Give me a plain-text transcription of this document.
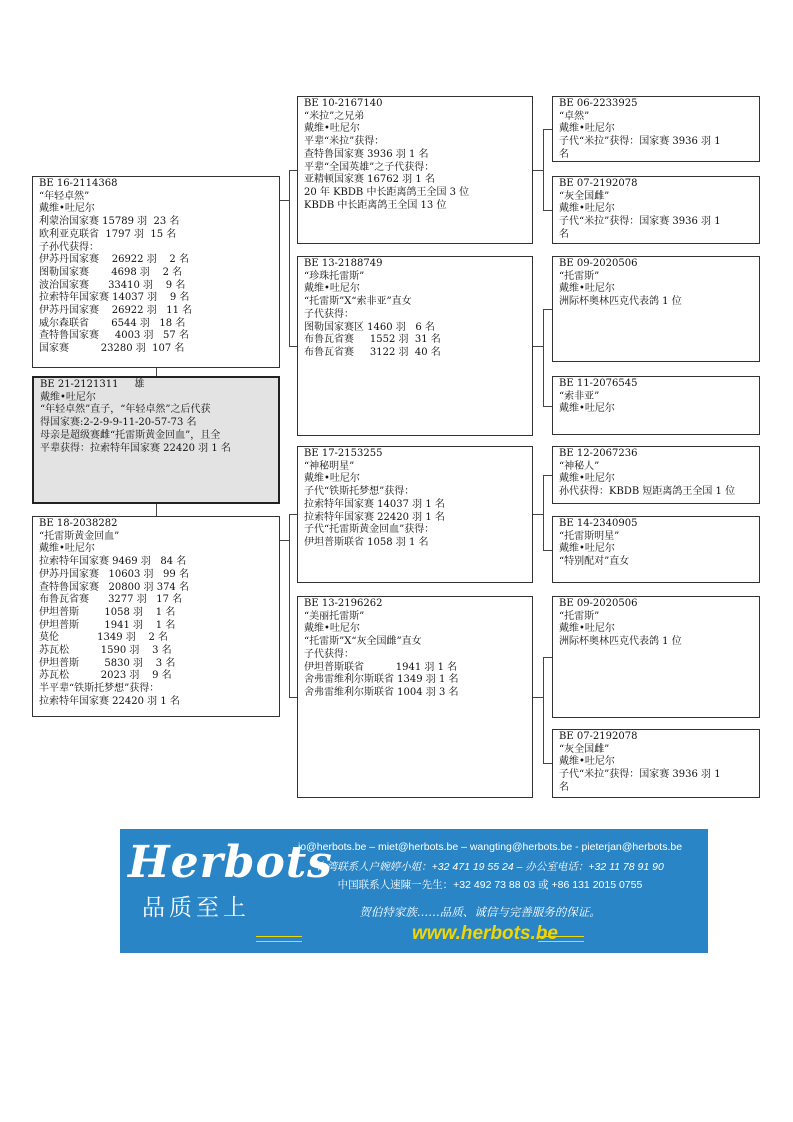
BE 16-2114368
“年轻卓然”
戴维•吐尼尔
利蒙治国家赛 15789 羽  23 名
欧利亚克联省  1797 羽  15 名
子孙代获得：
伊苏丹国家赛    26922 羽    2 名
图勒国家赛       4698 羽    2 名
波治国家赛      33410 羽    9 名
拉索特年国家赛 14037 羽    9 名
伊苏丹国家赛    26922 羽   11 名
威尔森联省       6544 羽   18 名
查特鲁国家赛     4003 羽   57 名
国家赛          23280 羽  107 名
BE 21-2121311     雄
戴维•吐尼尔
“年轻卓然”直子，“年轻卓然”之后代获
得国家赛:2-2-9-9-11-20-57-73 名
母亲是超级赛雌“托雷斯黄金回血”，且全
平辈获得：拉索特年国家赛 22420 羽 1 名
BE 18-2038282
“托雷斯黄金回血”
戴维•吐尼尔
拉索特年国家赛 9469 羽   84 名
伊苏丹国家赛   10603 羽   99 名
查特鲁国家赛   20800 羽 374 名
布鲁瓦省赛      3277 羽   17 名
伊坦普斯        1058 羽    1 名
伊坦普斯        1941 羽    1 名
莫伦            1349 羽    2 名
苏瓦松          1590 羽    3 名
伊坦普斯        5830 羽    3 名
苏瓦松          2023 羽    9 名
半平辈“铁斯托梦想”获得：
拉索特年国家赛 22420 羽 1 名
BE 10-2167140
“米拉”之兄弟
戴维•吐尼尔
平辈“米拉”获得：
查特鲁国家赛 3936 羽 1 名
平辈“全国英雄”之子代获得：
亚精顿国家赛 16762 羽 1 名
20 年 KBDB 中长距离鸽王全国 3 位
KBDB 中长距离鸽王全国 13 位
BE 13-2188749
“珍珠托雷斯”
戴维•吐尼尔
“托雷斯”X“索非亚”直女
子代获得：
图勒国家赛区 1460 羽   6 名
布鲁瓦省赛     1552 羽  31 名
布鲁瓦省赛     3122 羽  40 名
BE 17-2153255
“神秘明星”
戴维•吐尼尔
子代“铁斯托梦想”获得：
拉索特年国家赛 14037 羽 1 名
拉索特年国家赛 22420 羽 1 名
子代“托雷斯黄金回血”获得：
伊坦普斯联省 1058 羽 1 名
BE 13-2196262
“美丽托雷斯”
戴维•吐尼尔
“托雷斯”X“灰全国雌”直女
子代获得：
伊坦普斯联省          1941 羽 1 名
舍弗雷维利尔斯联省 1349 羽 1 名
舍弗雷维利尔斯联省 1004 羽 3 名
BE 06-2233925
“卓然”
戴维•吐尼尔
子代“米拉”获得：国家赛 3936 羽 1
名
BE 07-2192078
“灰全国雌”
戴维•吐尼尔
子代“米拉”获得：国家赛 3936 羽 1
名
BE 09-2020506
“托雷斯”
戴维•吐尼尔
洲际杯奥林匹克代表鸽 1 位
BE 11-2076545
“索非亚”
戴维•吐尼尔
BE 12-2067236
“神秘人”
戴维•吐尼尔
孙代获得：KBDB 短距离鸽王全国 1 位
BE 14-2340905
“托雷斯明星”
戴维•吐尼尔
“特别配对”直女
BE 09-2020506
“托雷斯”
戴维•吐尼尔
洲际杯奥林匹克代表鸽 1 位
BE 07-2192078
“灰全国雌”
戴维•吐尼尔
子代“米拉”获得：国家赛 3936 羽 1
名
Herbots
品质至上
jo@herbots.be – miet@herbots.be – wangting@herbots.be - pieterjan@herbots.be
台湾联系人户婉婷小姐：+32 471 19 55 24 – 办公室电话：+32 11 78 91 90
中国联系人速陳一先生：+32 492 73 88 03 或 +86 131 2015 0755
贺伯特家族……品质、诚信与完善服务的保证。
www.herbots.be
